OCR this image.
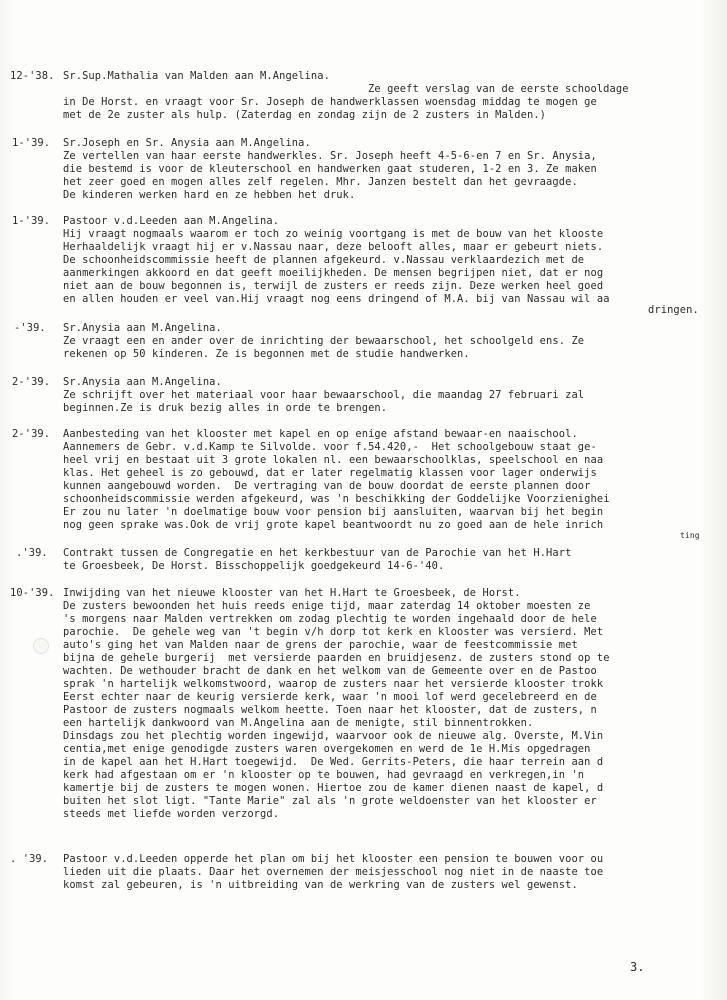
12-'38. Sr.Sup.Mathalia van Malden aan M.Angelina.
Ze geeft verslag van de eerste schooldage
in De Horst. en vraagt voor Sr. Joseph de handwerklassen woensdag middag te mogen ge
met de 2e zuster als hulp. (Zaterdag en zondag zijn de 2 zusters in Malden.)
1-'39. Sr.Joseph en Sr. Anysia aan M.Angelina.
Ze vertellen van haar eerste handwerkles. Sr. Joseph heeft 4-5-6-en 7 en Sr. Anysia,
die bestemd is voor de kleuterschool en handwerken gaat studeren, 1-2 en 3. Ze maken
het zeer goed en mogen alles zelf regelen. Mhr. Janzen bestelt dan het gevraagde.
De kinderen werken hard en ze hebben het druk.
1-'39. Pastoor v.d.Leeden aan M.Angelina.
Hij vraagt nogmaals waarom er toch zo weinig voortgang is met de bouw van het klooste
Herhaaldelijk vraagt hij er v.Nassau naar, deze belooft alles, maar er gebeurt niets.
De schoonheidscommissie heeft de plannen afgekeurd. v.Nassau verklaardezich met de
aanmerkingen akkoord en dat geeft moeilijkheden. De mensen begrijpen niet, dat er nog
niet aan de bouw begonnen is, terwijl de zusters er reeds zijn. Deze werken heel goed
en allen houden er veel van.Hij vraagt nog eens dringend of M.A. bij van Nassau wil aa
dringen.
-'39. Sr.Anysia aan M.Angelina.
Ze vraagt een en ander over de inrichting der bewaarschool, het schoolgeld ens. Ze
rekenen op 50 kinderen. Ze is begonnen met de studie handwerken.
2-'39. Sr.Anysia aan M.Angelina.
Ze schrijft over het materiaal voor haar bewaarschool, die maandag 27 februari zal
beginnen.Ze is druk bezig alles in orde te brengen.
2-'39. Aanbesteding van het klooster met kapel en op enige afstand bewaar-en naaischool.
Aannemers de Gebr. v.d.Kamp te Silvolde. voor f.54.420,-  Het schoolgebouw staat ge-
heel vrij en bestaat uit 3 grote lokalen nl. een bewaarschoolklas, speelschool en naa
klas. Het geheel is zo gebouwd, dat er later regelmatig klassen voor lager onderwijs
kunnen aangebouwd worden.  De vertraging van de bouw doordat de eerste plannen door
schoonheidscommissie werden afgekeurd, was 'n beschikking der Goddelijke Voorzienighei
Er zou nu later 'n doelmatige bouw voor pension bij aansluiten, waarvan bij het begin
nog geen sprake was.Ook de vrij grote kapel beantwoordt nu zo goed aan de hele inrich
ting
.'39. Contrakt tussen de Congregatie en het kerkbestuur van de Parochie van het H.Hart
te Groesbeek, De Horst. Bisschoppelijk goedgekeurd 14-6-'40.
10-'39. Inwijding van het nieuwe klooster van het H.Hart te Groesbeek, de Horst.
De zusters bewoonden het huis reeds enige tijd, maar zaterdag 14 oktober moesten ze
's morgens naar Malden vertrekken om zodag plechtig te worden ingehaald door de hele
parochie.  De gehele weg van 't begin v/h dorp tot kerk en klooster was versierd. Met
auto's ging het van Malden naar de grens der parochie, waar de feestcommissie met
bijna de gehele burgerij  met versierde paarden en bruidjesenz. de zusters stond op te
wachten. De wethouder bracht de dank en het welkom van de Gemeente over en de Pastoo
sprak 'n hartelijk welkomstwoord, waarop de zusters naar het versierde klooster trokk
Eerst echter naar de keurig versierde kerk, waar 'n mooi lof werd gecelebreerd en de
Pastoor de zusters nogmaals welkom heette. Toen naar het klooster, dat de zusters, n
een hartelijk dankwoord van M.Angelina aan de menigte, stil binnentrokken.
Dinsdags zou het plechtig worden ingewijd, waarvoor ook de nieuwe alg. Overste, M.Vin
centia,met enige genodigde zusters waren overgekomen en werd de 1e H.Mis opgedragen
in de kapel aan het H.Hart toegewijd.  De Wed. Gerrits-Peters, die haar terrein aan d
kerk had afgestaan om er 'n klooster op te bouwen, had gevraagd en verkregen,in 'n
kamertje bij de zusters te mogen wonen. Hiertoe zou de kamer dienen naast de kapel, d
buiten het slot ligt. "Tante Marie" zal als 'n grote weldoenster van het klooster er
steeds met liefde worden verzorgd.
. '39. Pastoor v.d.Leeden opperde het plan om bij het klooster een pension te bouwen voor ou
lieden uit die plaats. Daar het overnemen der meisjesschool nog niet in de naaste toe
komst zal gebeuren, is 'n uitbreiding van de werkring van de zusters wel gewenst.
3.
